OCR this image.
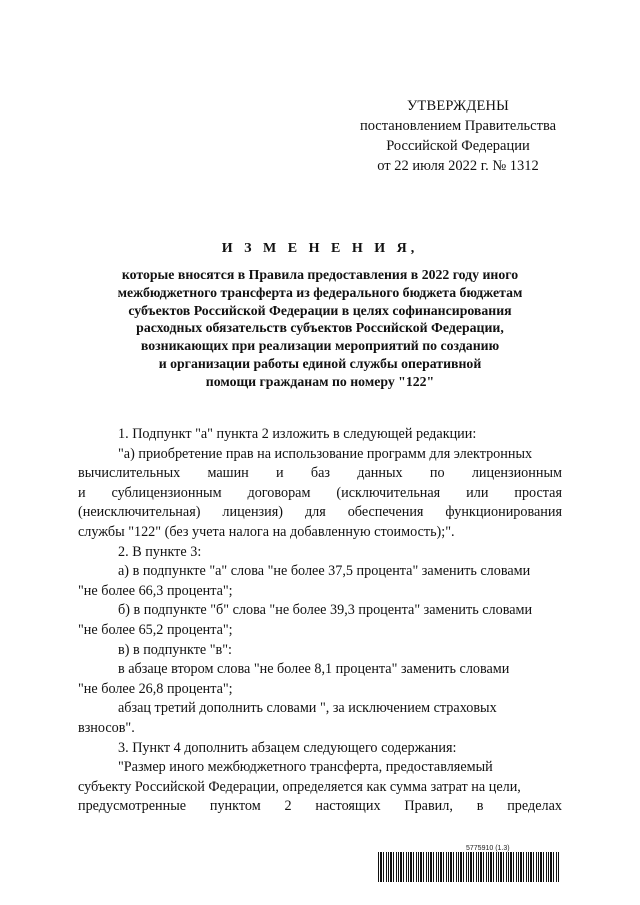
УТВЕРЖДЕНЫ
постановлением Правительства
Российской Федерации
от 22 июля 2022 г. № 1312
И З М Е Н Е Н И Я,
которые вносятся в Правила предоставления в 2022 году иного
межбюджетного трансферта из федерального бюджета бюджетам
субъектов Российской Федерации в целях софинансирования
расходных обязательств субъектов Российской Федерации,
возникающих при реализации мероприятий по созданию
и организации работы единой службы оперативной
помощи гражданам по номеру "122"
1. Подпункт "а" пункта 2 изложить в следующей редакции:
"а) приобретение прав на использование программ для электронных
вычислительных машин и баз данных по лицензионным
и сублицензионным договорам (исключительная или простая
(неисключительная) лицензия) для обеспечения функционирования
службы "122" (без учета налога на добавленную стоимость);".
2. В пункте 3:
а) в подпункте "а" слова "не более 37,5 процента" заменить словами
"не более 66,3 процента";
б) в подпункте "б" слова "не более 39,3 процента" заменить словами
"не более 65,2 процента";
в) в подпункте "в":
в абзаце втором слова "не более 8,1 процента" заменить словами
"не более 26,8 процента";
абзац третий дополнить словами ", за исключением страховых
взносов".
3. Пункт 4 дополнить абзацем следующего содержания:
"Размер иного межбюджетного трансферта, предоставляемый
субъекту Российской Федерации, определяется как сумма затрат на цели,
предусмотренные пунктом 2 настоящих Правил, в пределах
5775910 (1.3)
